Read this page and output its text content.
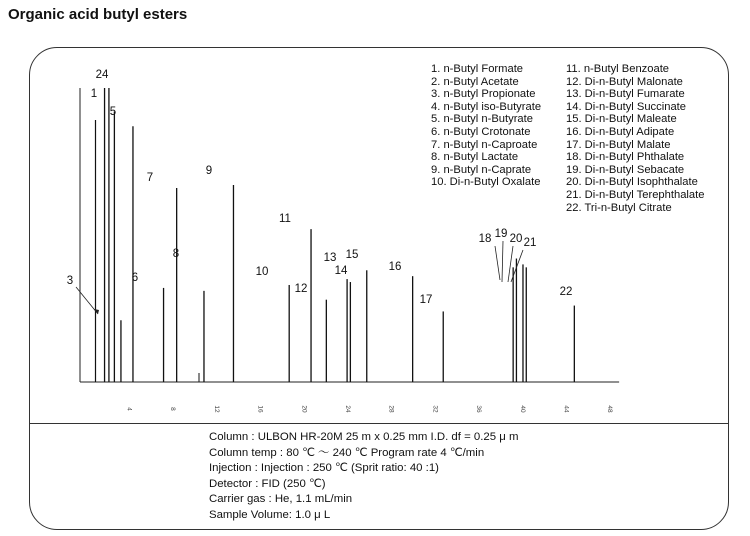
Organic acid butyl esters
4	8	12	16	20	24	28	32	36	40	44	48
24
1
5
3	6
7
8
9
10
11
12
13
14
15
16
17
18 19 20 21
22
1. n-Butyl Formate
2. n-Butyl Acetate
3. n-Butyl Propionate
4. n-Butyl iso-Butyrate
5. n-Butyl n-Butyrate
6. n-Butyl Crotonate
7. n-Butyl n-Caproate
8. n-Butyl Lactate
9. n-Butyl n-Caprate
10. Di-n-Butyl Oxalate
11. n-Butyl Benzoate
12. Di-n-Butyl Malonate
13. Di-n-Butyl Fumarate
14. Di-n-Butyl Succinate
15. Di-n-Butyl Maleate
16. Di-n-Butyl Adipate
17. Di-n-Butyl Malate
18. Di-n-Butyl Phthalate
19. Di-n-Butyl Sebacate
20. Di-n-Butyl Isophthalate
21. Di-n-Butyl Terephthalate
22. Tri-n-Butyl Citrate
Column : ULBON HR-20M 25 m x 0.25 mm I.D. df = 0.25 μ m
Column temp : 80 ℃ ～ 240 ℃ Program rate 4 ℃/min
Injection : Injection : 250 ℃ (Sprit ratio: 40 :1)
Detector : FID (250 ℃)
Carrier gas : He, 1.1 mL/min
Sample Volume: 1.0 μ L
